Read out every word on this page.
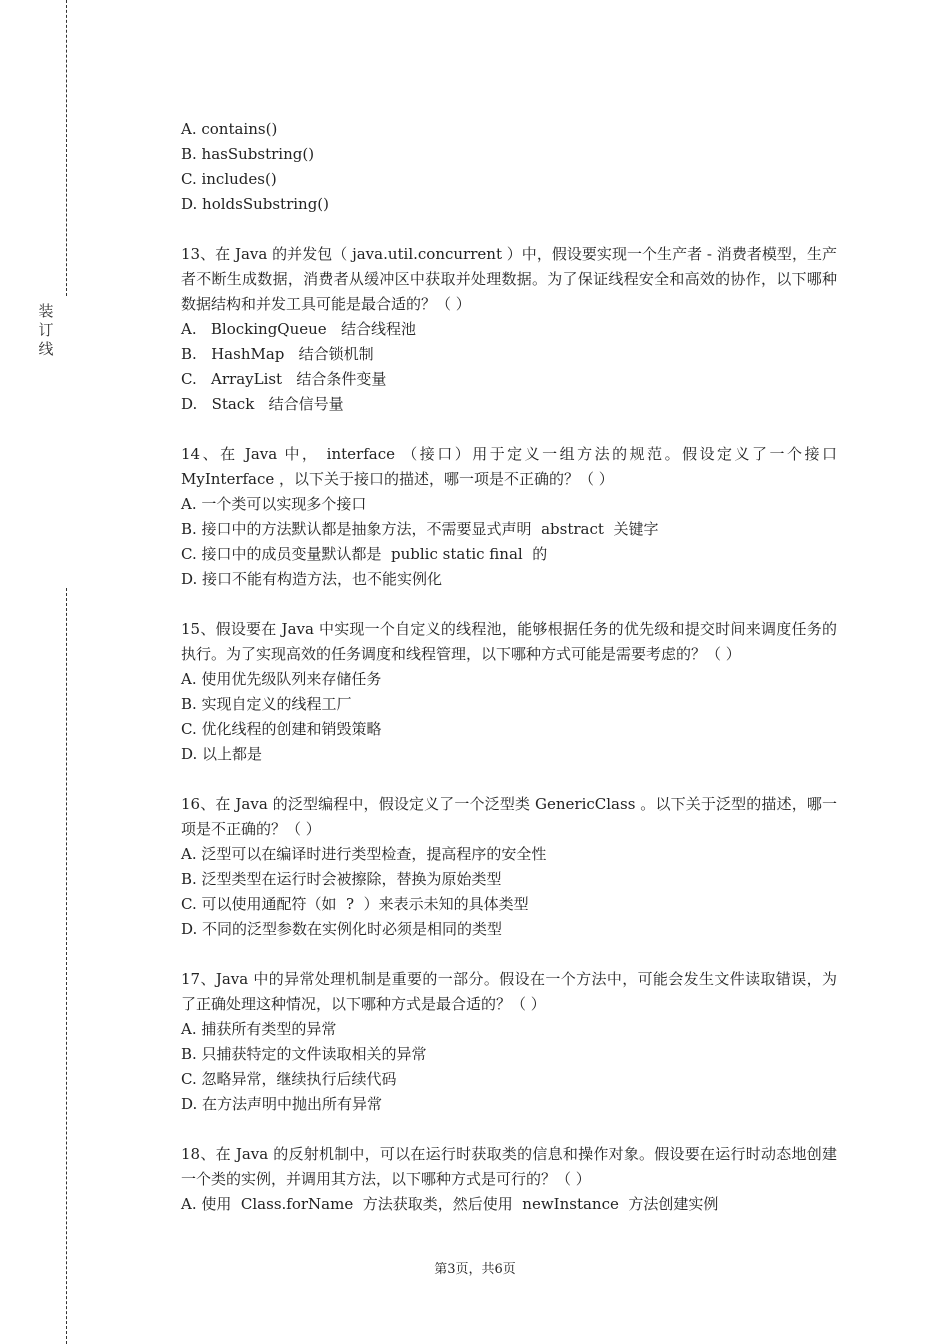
装
订
线
A. contains()
B. hasSubstring()
C. includes()
D. holdsSubstring()
13、在 Java 的并发包（ java.util.concurrent ）中，假设要实现一个生产者 - 消费者模型，生产者不断生成数据，消费者从缓冲区中获取并处理数据。为了保证线程安全和高效的协作，以下哪种数据结构和并发工具可能是最合适的？（ ）
A.   BlockingQueue   结合线程池
B.   HashMap   结合锁机制
C.   ArrayList   结合条件变量
D.   Stack   结合信号量
14、在 Java 中， interface （接口）用于定义一组方法的规范。假设定义了一个接口 MyInterface ，以下关于接口的描述，哪一项是不正确的？（ ）
A. 一个类可以实现多个接口
B. 接口中的方法默认都是抽象方法，不需要显式声明  abstract  关键字
C. 接口中的成员变量默认都是  public static final  的
D. 接口不能有构造方法，也不能实例化
15、假设要在 Java 中实现一个自定义的线程池，能够根据任务的优先级和提交时间来调度任务的执行。为了实现高效的任务调度和线程管理，以下哪种方式可能是需要考虑的？（ ）
A. 使用优先级队列来存储任务
B. 实现自定义的线程工厂
C. 优化线程的创建和销毁策略
D. 以上都是
16、在 Java 的泛型编程中，假设定义了一个泛型类 GenericClass 。以下关于泛型的描述，哪一项是不正确的？（ ）
A. 泛型可以在编译时进行类型检查，提高程序的安全性
B. 泛型类型在运行时会被擦除，替换为原始类型
C. 可以使用通配符（如  ?  ）来表示未知的具体类型
D. 不同的泛型参数在实例化时必须是相同的类型
17、Java 中的异常处理机制是重要的一部分。假设在一个方法中，可能会发生文件读取错误，为了正确处理这种情况，以下哪种方式是最合适的？（ ）
A. 捕获所有类型的异常
B. 只捕获特定的文件读取相关的异常
C. 忽略异常，继续执行后续代码
D. 在方法声明中抛出所有异常
18、在 Java 的反射机制中，可以在运行时获取类的信息和操作对象。假设要在运行时动态地创建一个类的实例，并调用其方法，以下哪种方式是可行的？（ ）
A. 使用  Class.forName  方法获取类，然后使用  newInstance  方法创建实例
第3页，共6页
